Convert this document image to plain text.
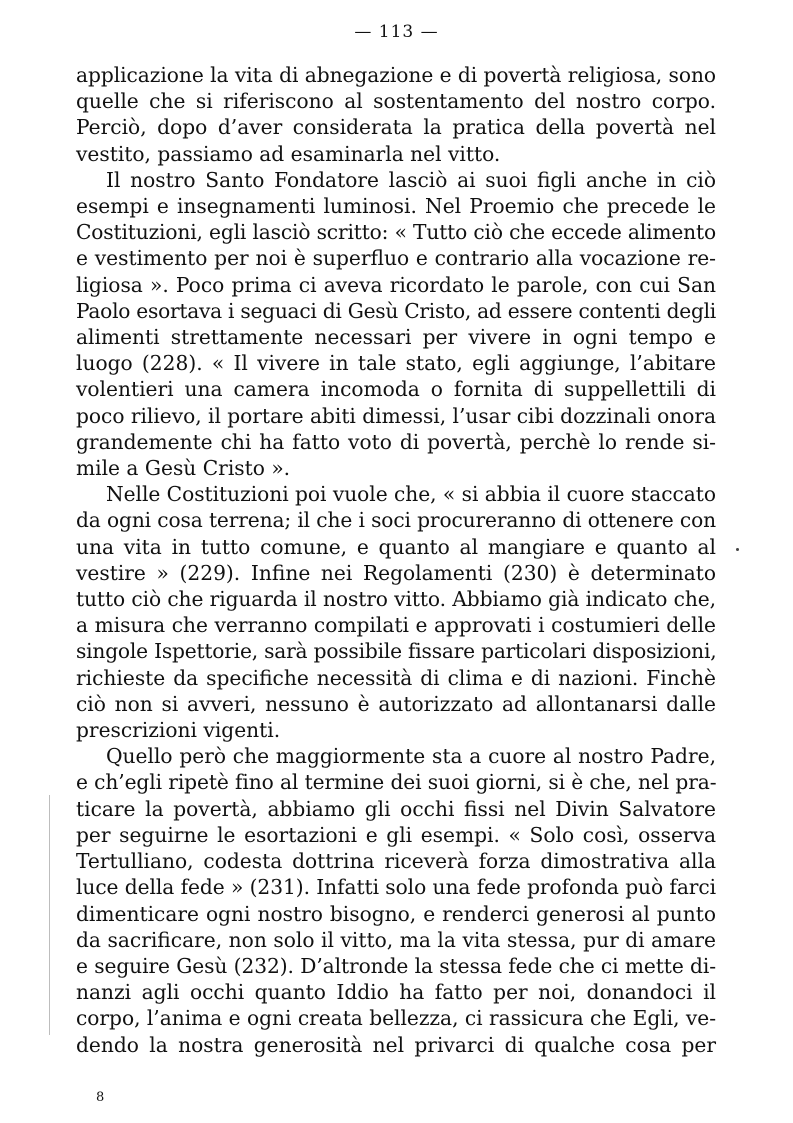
— 113 —
applicazione la vita di abnegazione e di povertà religiosa, sono
quelle che si riferiscono al sostentamento del nostro corpo.
Perciò, dopo d’aver considerata la pratica della povertà nel
vestito, passiamo ad esaminarla nel vitto.
Il nostro Santo Fondatore lasciò ai suoi figli anche in ciò
esempi e insegnamenti luminosi. Nel Proemio che precede le
Costituzioni, egli lasciò scritto: « Tutto ciò che eccede alimento
e vestimento per noi è superfluo e contrario alla vocazione re-
ligiosa ». Poco prima ci aveva ricordato le parole, con cui San
Paolo esortava i seguaci di Gesù Cristo, ad essere contenti degli
alimenti strettamente necessari per vivere in ogni tempo e
luogo (228). « Il vivere in tale stato, egli aggiunge, l’abitare
volentieri una camera incomoda o fornita di suppellettili di
poco rilievo, il portare abiti dimessi, l’usar cibi dozzinali onora
grandemente chi ha fatto voto di povertà, perchè lo rende si-
mile a Gesù Cristo ».
Nelle Costituzioni poi vuole che, « si abbia il cuore staccato
da ogni cosa terrena; il che i soci procureranno di ottenere con
una vita in tutto comune, e quanto al mangiare e quanto al
vestire » (229). Infine nei Regolamenti (230) è determinato
tutto ciò che riguarda il nostro vitto. Abbiamo già indicato che,
a misura che verranno compilati e approvati i costumieri delle
singole Ispettorie, sarà possibile fissare particolari disposizioni,
richieste da specifiche necessità di clima e di nazioni. Finchè
ciò non si avveri, nessuno è autorizzato ad allontanarsi dalle
prescrizioni vigenti.
Quello però che maggiormente sta a cuore al nostro Padre,
e ch’egli ripetè fino al termine dei suoi giorni, si è che, nel pra-
ticare la povertà, abbiamo gli occhi fissi nel Divin Salvatore
per seguirne le esortazioni e gli esempi. « Solo così, osserva
Tertulliano, codesta dottrina riceverà forza dimostrativa alla
luce della fede » (231). Infatti solo una fede profonda può farci
dimenticare ogni nostro bisogno, e renderci generosi al punto
da sacrificare, non solo il vitto, ma la vita stessa, pur di amare
e seguire Gesù (232). D’altronde la stessa fede che ci mette di-
nanzi agli occhi quanto Iddio ha fatto per noi, donandoci il
corpo, l’anima e ogni creata bellezza, ci rassicura che Egli, ve-
dendo la nostra generosità nel privarci di qualche cosa per
8
